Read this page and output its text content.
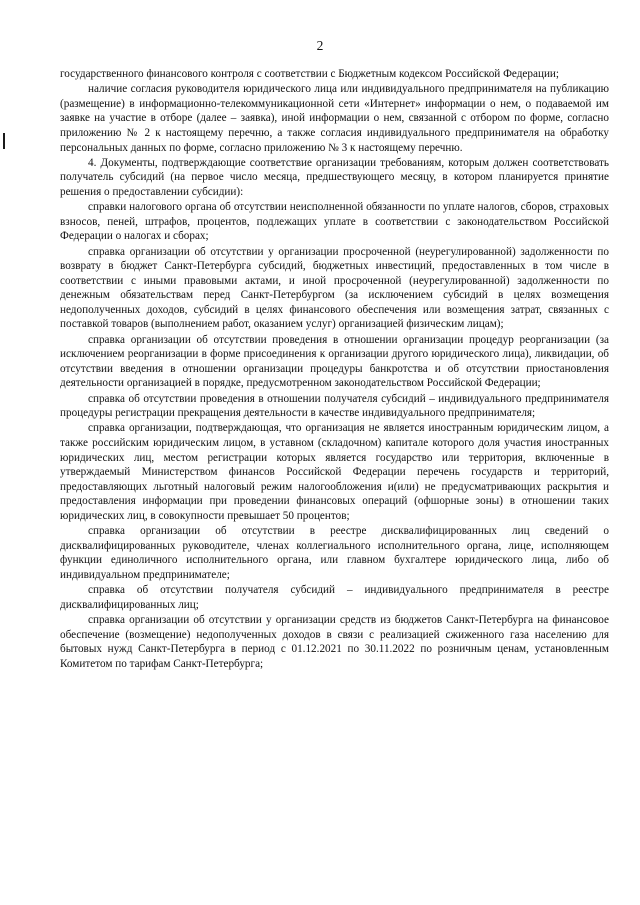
2

государственного финансового контроля с соответствии с Бюджетным кодексом Российской Федерации;

наличие согласия руководителя юридического лица или индивидуального предпринимателя на публикацию (размещение) в информационно-телекоммуникационной сети «Интернет» информации о нем, о подаваемой им заявке на участие в отборе (далее – заявка), иной информации о нем, связанной с отбором по форме, согласно приложению № 2 к настоящему перечню, а также согласия индивидуального предпринимателя на обработку персональных данных по форме, согласно приложению № 3 к настоящему перечню.

4. Документы, подтверждающие соответствие организации требованиям, которым должен соответствовать получатель субсидий (на первое число месяца, предшествующего месяцу, в котором планируется принятие решения о предоставлении субсидии):

справки налогового органа об отсутствии неисполненной обязанности по уплате налогов, сборов, страховых взносов, пеней, штрафов, процентов, подлежащих уплате в соответствии с законодательством Российской Федерации о налогах и сборах;

справка организации об отсутствии у организации просроченной (неурегулированной) задолженности по возврату в бюджет Санкт-Петербурга субсидий, бюджетных инвестиций, предоставленных в том числе в соответствии с иными правовыми актами, и иной просроченной (неурегулированной) задолженности по денежным обязательствам перед Санкт-Петербургом (за исключением субсидий в целях возмещения недополученных доходов, субсидий в целях финансового обеспечения или возмещения затрат, связанных с поставкой товаров (выполнением работ, оказанием услуг) организацией физическим лицам);

справка организации об отсутствии проведения в отношении организации процедур реорганизации (за исключением реорганизации в форме присоединения к организации другого юридического лица), ликвидации, об отсутствии введения в отношении организации процедуры банкротства и об отсутствии приостановления деятельности организацией в порядке, предусмотренном законодательством Российской Федерации;

справка об отсутствии проведения в отношении получателя субсидий – индивидуального предпринимателя процедуры регистрации прекращения деятельности в качестве индивидуального предпринимателя;

справка организации, подтверждающая, что организация не является иностранным юридическим лицом, а также российским юридическим лицом, в уставном (складочном) капитале которого доля участия иностранных юридических лиц, местом регистрации которых является государство или территория, включенные в утверждаемый Министерством финансов Российской Федерации перечень государств и территорий, предоставляющих льготный налоговый режим налогообложения и(или) не предусматривающих раскрытия и предоставления информации при проведении финансовых операций (офшорные зоны) в отношении таких юридических лиц, в совокупности превышает 50 процентов;

справка организации об отсутствии в реестре дисквалифицированных лиц сведений о дисквалифицированных руководителе, членах коллегиального исполнительного органа, лице, исполняющем функции единоличного исполнительного органа, или главном бухгалтере юридического лица, либо об индивидуальном предпринимателе;

справка об отсутствии получателя субсидий – индивидуального предпринимателя в реестре дисквалифицированных лиц;

справка организации об отсутствии у организации средств из бюджетов Санкт-Петербурга на финансовое обеспечение (возмещение) недополученных доходов в связи с реализацией сжиженного газа населению для бытовых нужд Санкт-Петербурга в период с 01.12.2021 по 30.11.2022 по розничным ценам, установленным Комитетом по тарифам Санкт-Петербурга;
